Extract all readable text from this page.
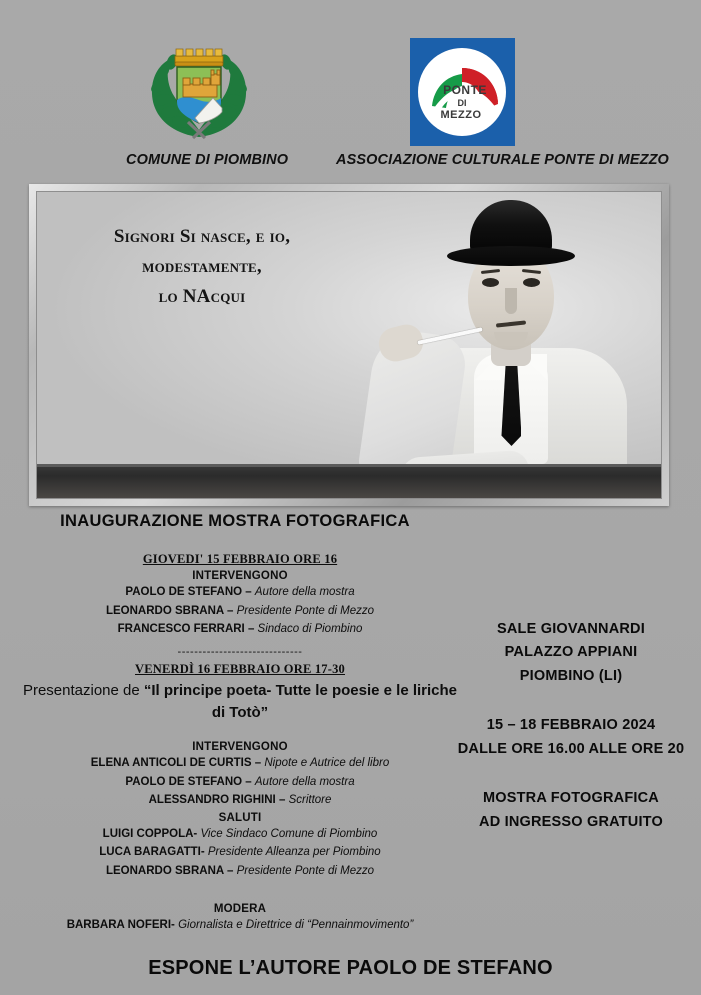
PONTE
DI
MEZZO
COMUNE DI PIOMBINO	ASSOCIAZIONE CULTURALE PONTE DI MEZZO
Signori Si nasce, e io,
modestamente,
lo NAcqui
INAUGURAZIONE MOSTRA FOTOGRAFICA
GIOVEDI' 15 FEBBRAIO ORE 16
INTERVENGONO
PAOLO DE STEFANO – Autore della mostra
LEONARDO SBRANA – Presidente Ponte di Mezzo
FRANCESCO FERRARI – Sindaco di Piombino
------------------------------
VENERDÌ 16 FEBBRAIO ORE 17-30
Presentazione de “Il principe poeta- Tutte le poesie e le liriche di Totò”
INTERVENGONO
ELENA ANTICOLI DE CURTIS – Nipote e Autrice del libro
PAOLO DE STEFANO – Autore della mostra
ALESSANDRO RIGHINI – Scrittore
SALUTI
LUIGI COPPOLA- Vice Sindaco Comune di Piombino
LUCA BARAGATTI- Presidente Alleanza per Piombino
LEONARDO SBRANA – Presidente Ponte di Mezzo
MODERA
BARBARA NOFERI- Giornalista e Direttrice di “Pennainmovimento”
SALE GIOVANNARDI
PALAZZO APPIANI
PIOMBINO (LI)
15 – 18 FEBBRAIO 2024
DALLE ORE 16.00 ALLE ORE 20
MOSTRA FOTOGRAFICA
AD INGRESSO GRATUITO
ESPONE L’AUTORE PAOLO DE STEFANO
